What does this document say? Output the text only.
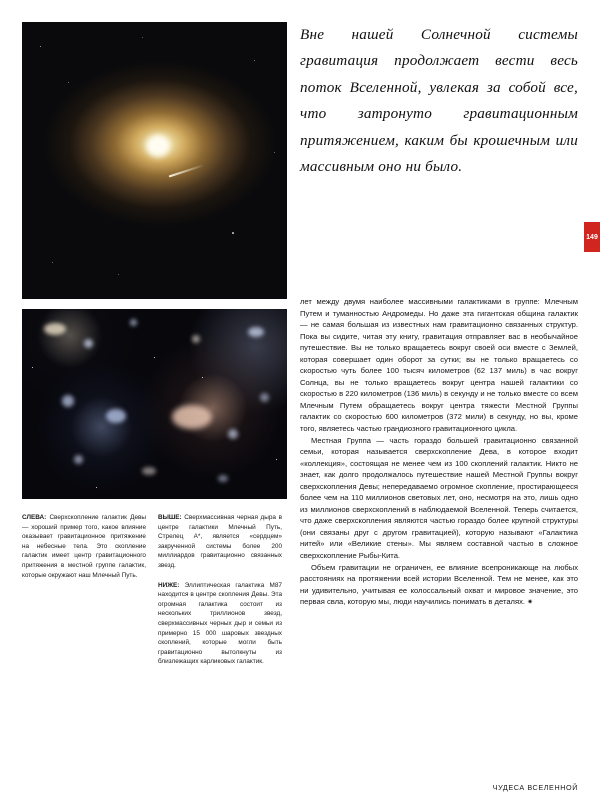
СЛЕВА: Сверхскопление галактик Девы — хороший пример того, какое влияние оказывает гравитационное притяжение на небесные тела. Это скопление галактик имеет центр гравитационного притяжения в местной группе галактик, которые окружают наш Млечный Путь.
ВЫШЕ: Сверхмассивная черная дыра в центре галактики Млечный Путь, Стрелец A*, является «сердцем» закрученной системы более 200 миллиардов гравитационно связанных звезд.
НИЖЕ: Эллиптическая галактика M87 находится в центре скопления Девы. Эта огромная галактика состоит из нескольких триллионов звезд, сверхмассивных черных дыр и семьи из примерно 15 000 шаровых звездных скоплений, которые могли быть гравитационно вытолкнуты из близлежащих карликовых галактик.
Вне нашей Солнечной системы гравитация продолжает вести весь поток Вселенной, увлекая за собой все, что затронуто гравитационным притяжением, каким бы крошечным или массивным оно ни было.

лет между двумя наиболее массивными галактиками в группе: Млечным Путем и туманностью Андромеды. Но даже эта гигантская община галактик — не самая большая из известных нам гравитационно связанных структур. Пока вы сидите, читая эту книгу, гравитация отправляет вас в необычайное путешествие. Вы не только вращаетесь вокруг своей оси вместе с Землей, которая совершает один оборот за сутки; вы не только вращаетесь со скоростью чуть более 100 тысяч километров (62 137 миль) в час вокруг Солнца, вы не только вращаетесь вокруг центра нашей галактики со скоростью в 220 километров (136 миль) в секунду и не только вместе со всем Млечным Путем обращаетесь вокруг центра тяжести Местной Группы галактик со скоростью 600 километров (372 мили) в секунду, но вы, кроме того, являетесь частью грандиозного гравитационного цикла.

Местная Группа — часть гораздо большей гравитационно связанной семьи, которая называется сверхскопление Дева, в которое входит «коллекция», состоящая не менее чем из 100 скоплений галактик. Никто не знает, как долго продолжалось путешествие нашей Местной Группы вокруг сверхскопления Девы; непередаваемо огромное скопление, простирающееся более чем на 110 миллионов световых лет, оно, несмотря на это, лишь одно из миллионов сверхскоплений в наблюдаемой Вселенной. Теперь считается, что даже сверхскопления являются частью гораздо более крупной структуры (они связаны друг с другом гравитацией), которую называют «Галактика нитей» или «Великие стены». Мы являем составной частью в сложное сверхскопление Рыбы-Кита.

Объем гравитации не ограничен, ее влияние всепроникающе на любых расстояниях на протяжении всей истории Вселенной. Тем не менее, как это ни удивительно, учитывая ее колоссальный охват и мировое значение, это первая свла, которую мы, люди научились понимать в деталях. ✷

149
ЧУДЕСА ВСЕЛЕННОЙ
